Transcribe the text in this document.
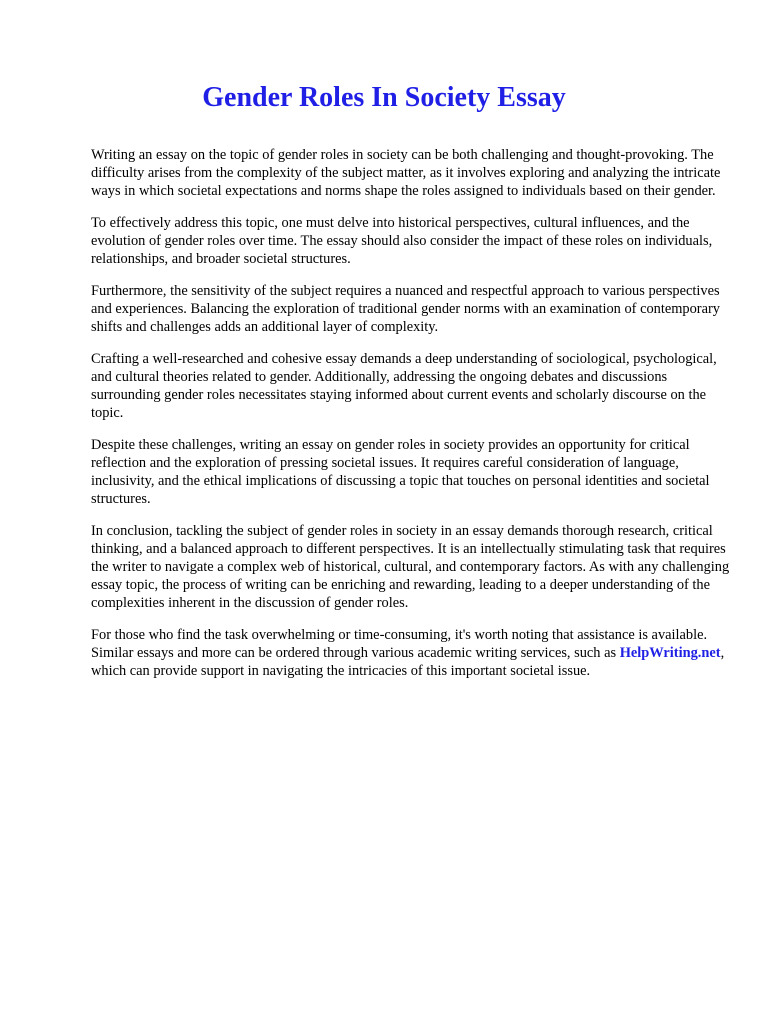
Gender Roles In Society Essay

Writing an essay on the topic of gender roles in society can be both challenging and thought-provoking. The difficulty arises from the complexity of the subject matter, as it involves exploring and analyzing the intricate ways in which societal expectations and norms shape the roles assigned to individuals based on their gender.

To effectively address this topic, one must delve into historical perspectives, cultural influences, and the evolution of gender roles over time. The essay should also consider the impact of these roles on individuals, relationships, and broader societal structures.

Furthermore, the sensitivity of the subject requires a nuanced and respectful approach to various perspectives and experiences. Balancing the exploration of traditional gender norms with an examination of contemporary shifts and challenges adds an additional layer of complexity.

Crafting a well-researched and cohesive essay demands a deep understanding of sociological, psychological, and cultural theories related to gender. Additionally, addressing the ongoing debates and discussions surrounding gender roles necessitates staying informed about current events and scholarly discourse on the topic.

Despite these challenges, writing an essay on gender roles in society provides an opportunity for critical reflection and the exploration of pressing societal issues. It requires careful consideration of language, inclusivity, and the ethical implications of discussing a topic that touches on personal identities and societal structures.

In conclusion, tackling the subject of gender roles in society in an essay demands thorough research, critical thinking, and a balanced approach to different perspectives. It is an intellectually stimulating task that requires the writer to navigate a complex web of historical, cultural, and contemporary factors. As with any challenging essay topic, the process of writing can be enriching and rewarding, leading to a deeper understanding of the complexities inherent in the discussion of gender roles.

For those who find the task overwhelming or time-consuming, it's worth noting that assistance is available. Similar essays and more can be ordered through various academic writing services, such as HelpWriting.net, which can provide support in navigating the intricacies of this important societal issue.
